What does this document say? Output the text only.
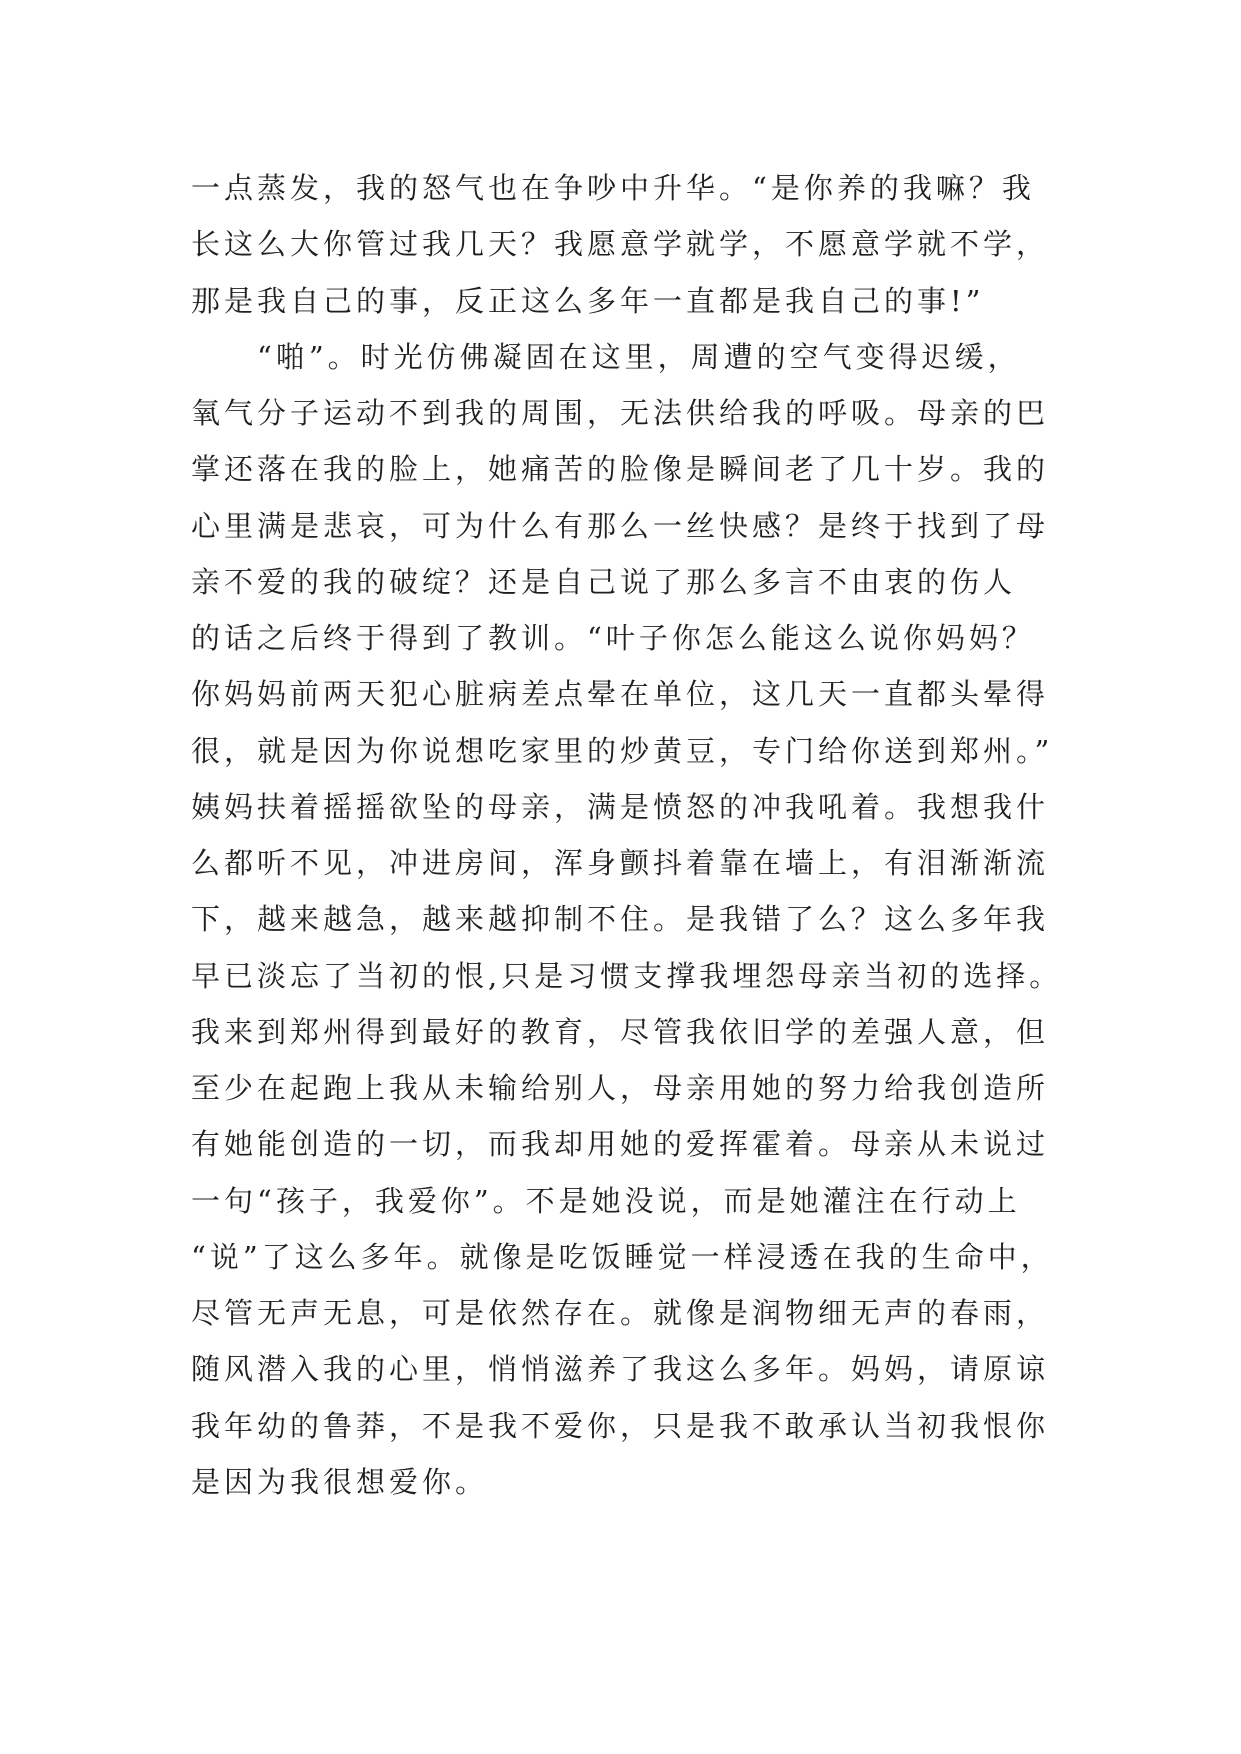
一点蒸发，我的怒气也在争吵中升华。“是你养的我嘛？我
长这么大你管过我几天？我愿意学就学，不愿意学就不学，
那是我自己的事，反正这么多年一直都是我自己的事!”
“啪”。时光仿佛凝固在这里，周遭的空气变得迟缓，
氧气分子运动不到我的周围，无法供给我的呼吸。母亲的巴
掌还落在我的脸上，她痛苦的脸像是瞬间老了几十岁。我的
心里满是悲哀，可为什么有那么一丝快感？是终于找到了母
亲不爱的我的破绽？还是自己说了那么多言不由衷的伤人
的话之后终于得到了教训。“叶子你怎么能这么说你妈妈？
你妈妈前两天犯心脏病差点晕在单位，这几天一直都头晕得
很，就是因为你说想吃家里的炒黄豆，专门给你送到郑州。”
姨妈扶着摇摇欲坠的母亲，满是愤怒的冲我吼着。我想我什
么都听不见，冲进房间，浑身颤抖着靠在墙上，有泪渐渐流
下，越来越急，越来越抑制不住。是我错了么？这么多年我
早已淡忘了当初的恨,只是习惯支撑我埋怨母亲当初的选择。
我来到郑州得到最好的教育，尽管我依旧学的差强人意，但
至少在起跑上我从未输给别人，母亲用她的努力给我创造所
有她能创造的一切，而我却用她的爱挥霍着。母亲从未说过
一句“孩子，我爱你”。不是她没说，而是她灌注在行动上
“说”了这么多年。就像是吃饭睡觉一样浸透在我的生命中，
尽管无声无息，可是依然存在。就像是润物细无声的春雨，
随风潜入我的心里，悄悄滋养了我这么多年。妈妈，请原谅
我年幼的鲁莽，不是我不爱你，只是我不敢承认当初我恨你
是因为我很想爱你。
